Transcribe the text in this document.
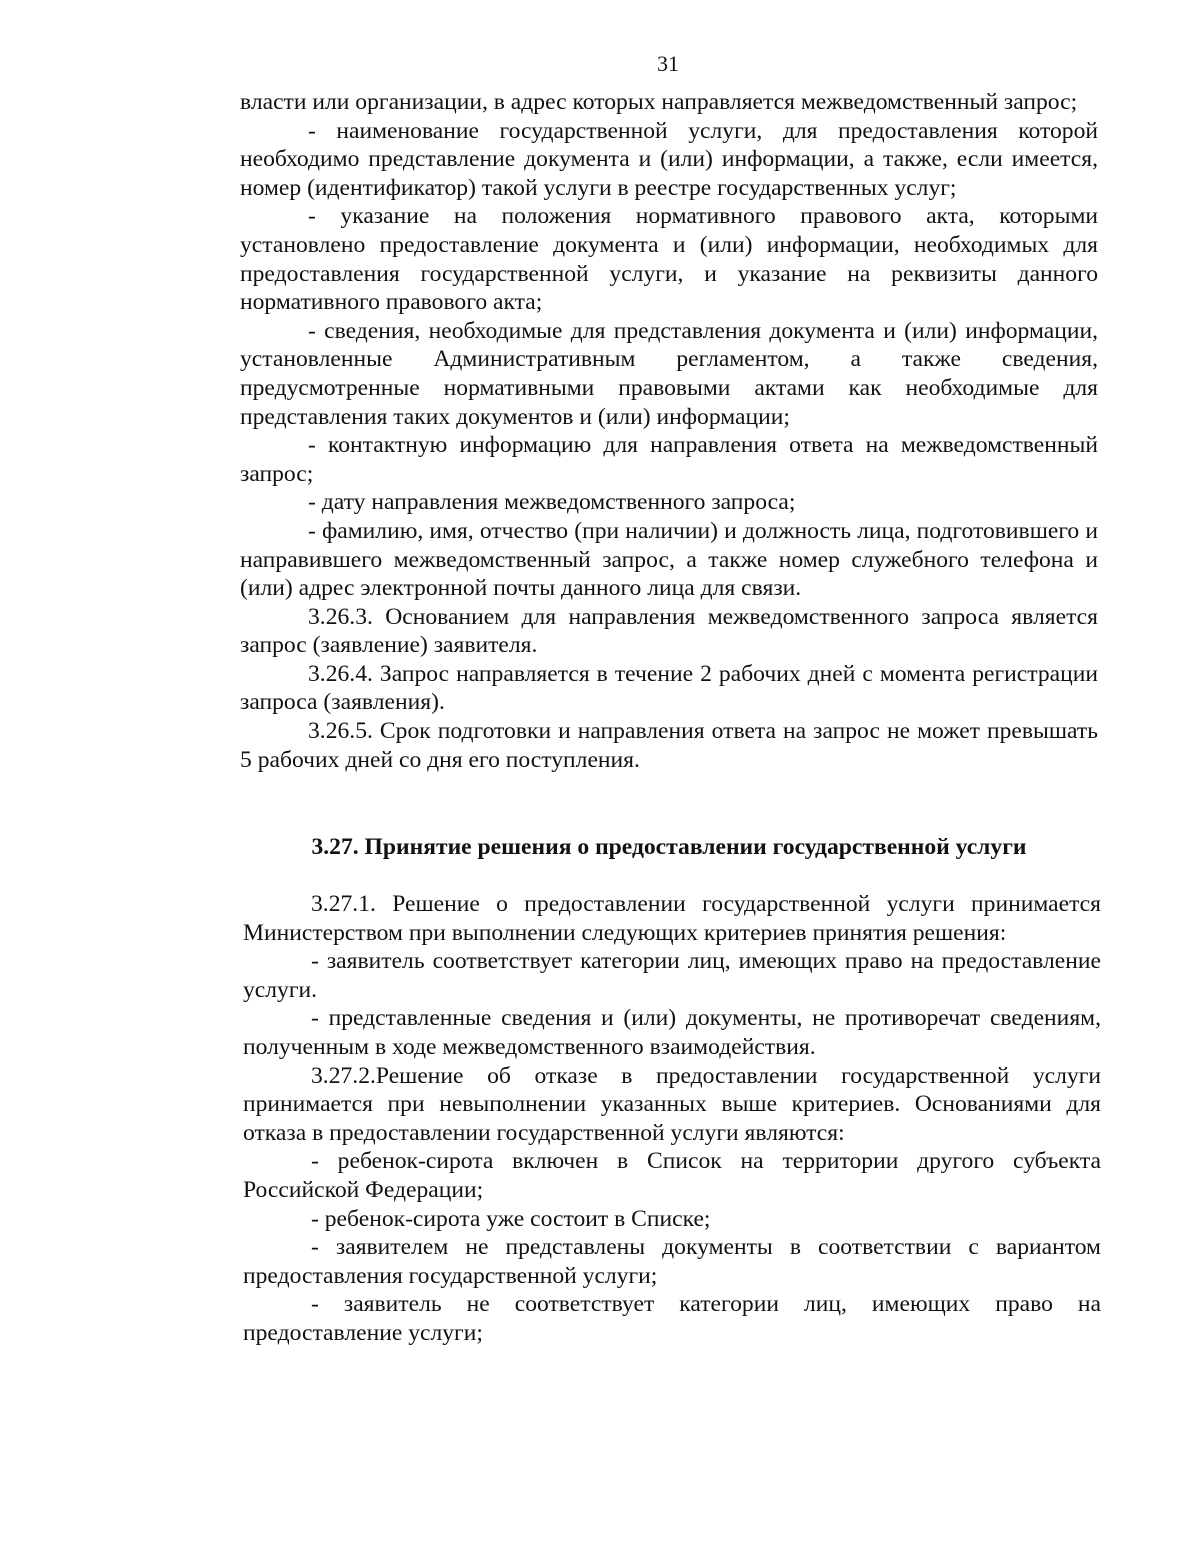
31

власти или организации, в адрес которых направляется межведомственный запрос;

- наименование государственной услуги, для предоставления которой необходимо представление документа и (или) информации, а также, если имеется, номер (идентификатор) такой услуги в реестре государственных услуг;

- указание на положения нормативного правового акта, которыми установлено предоставление документа и (или) информации, необходимых для предоставления государственной услуги, и указание на реквизиты данного нормативного правового акта;

- сведения, необходимые для представления документа и (или) информации, установленные Административным регламентом, а также сведения, предусмотренные нормативными правовыми актами как необходимые для представления таких документов и (или) информации;

- контактную информацию для направления ответа на межведомственный запрос;

- дату направления межведомственного запроса;

- фамилию, имя, отчество (при наличии) и должность лица, подготовившего и направившего межведомственный запрос, а также номер служебного телефона и (или) адрес электронной почты данного лица для связи.

3.26.3. Основанием для направления межведомственного запроса является запрос (заявление) заявителя.

3.26.4. Запрос направляется в течение 2 рабочих дней с момента регистрации запроса (заявления).

3.26.5. Срок подготовки и направления ответа на запрос не может превышать 5 рабочих дней со дня его поступления.

3.27. Принятие решения о предоставлении государственной услуги

3.27.1. Решение о предоставлении государственной услуги принимается Министерством при выполнении следующих критериев принятия решения:

- заявитель соответствует категории лиц, имеющих право на предоставление услуги.

- представленные сведения и (или) документы, не противоречат сведениям, полученным в ходе межведомственного взаимодействия.

3.27.2.Решение об отказе в предоставлении государственной услуги принимается при невыполнении указанных выше критериев. Основаниями для отказа в предоставлении государственной услуги являются:

- ребенок-сирота включен в Список на территории другого субъекта Российской Федерации;

- ребенок-сирота уже состоит в Списке;

- заявителем не представлены документы в соответствии с вариантом предоставления государственной услуги;

- заявитель не соответствует категории лиц, имеющих право на предоставление услуги;
